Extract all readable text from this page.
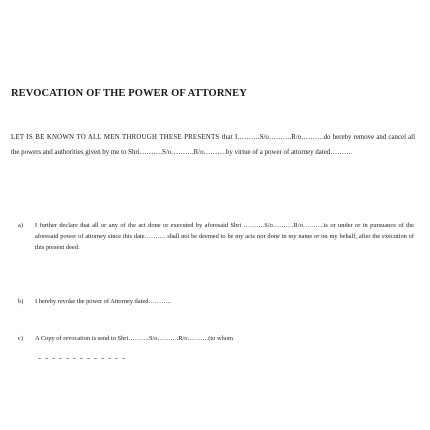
REVOCATION OF THE POWER OF ATTORNEY
LET IS BE KNOWN TO ALL MEN THROUGH THESE PRESENTS that I……….S/o……….R/o……….do hereby remove and cancel all the powers and authorities given by me to Shri……….S/o……….R/o……….by virtue of a power of attorney dated……….
a) I further declare that all or any of the act done or executed by aforesaid Shri ……….S/o……….R/o……….is or under or in pursuance of the aforesaid power of attorney since this date………. shall not be deemed to be my acts nor done in my name or on my behalf, after the execution of this present deed.
b) I hereby revoke the power of Attorney dated………..
c) A Copy of revocation is send to Shri……….S/o……….R/o……….(to whom
